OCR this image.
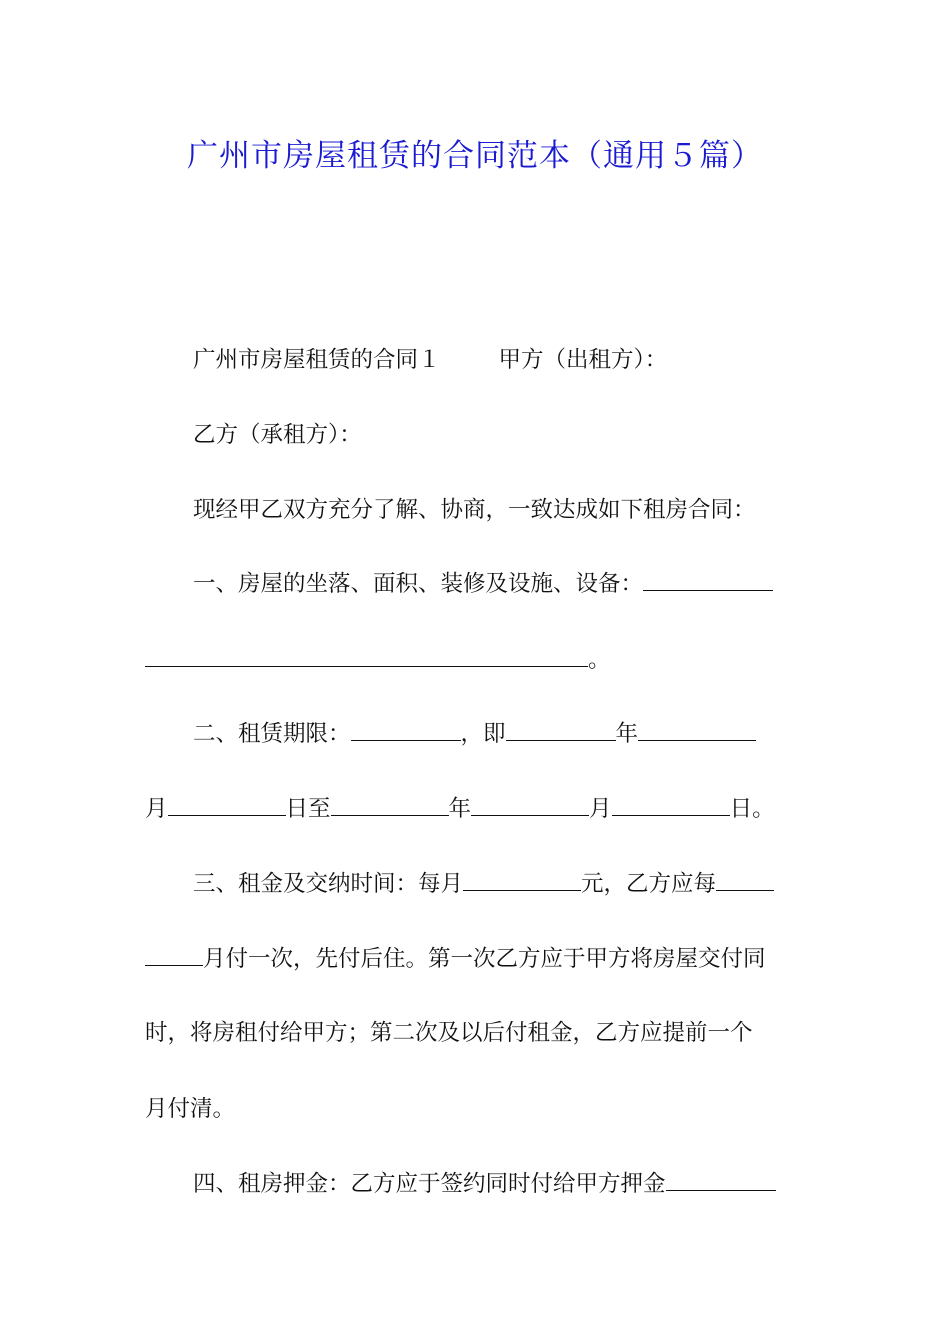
广州市房屋租赁的合同范本（通用５篇）
广州市房屋租赁的合同１	甲方（出租方）：
乙方（承租方）：
现经甲乙双方充分了解、协商，一致达成如下租房合同：
一、房屋的坐落、面积、装修及设施、设备：
。
二、租赁期限：	，即	年
月	日至	年	月	日。
三、租金及交纳时间：每月	元，乙方应每
月付一次，先付后住。第一次乙方应于甲方将房屋交付同
时，将房租付给甲方；第二次及以后付租金，乙方应提前一个
月付清。
四、租房押金：乙方应于签约同时付给甲方押金
